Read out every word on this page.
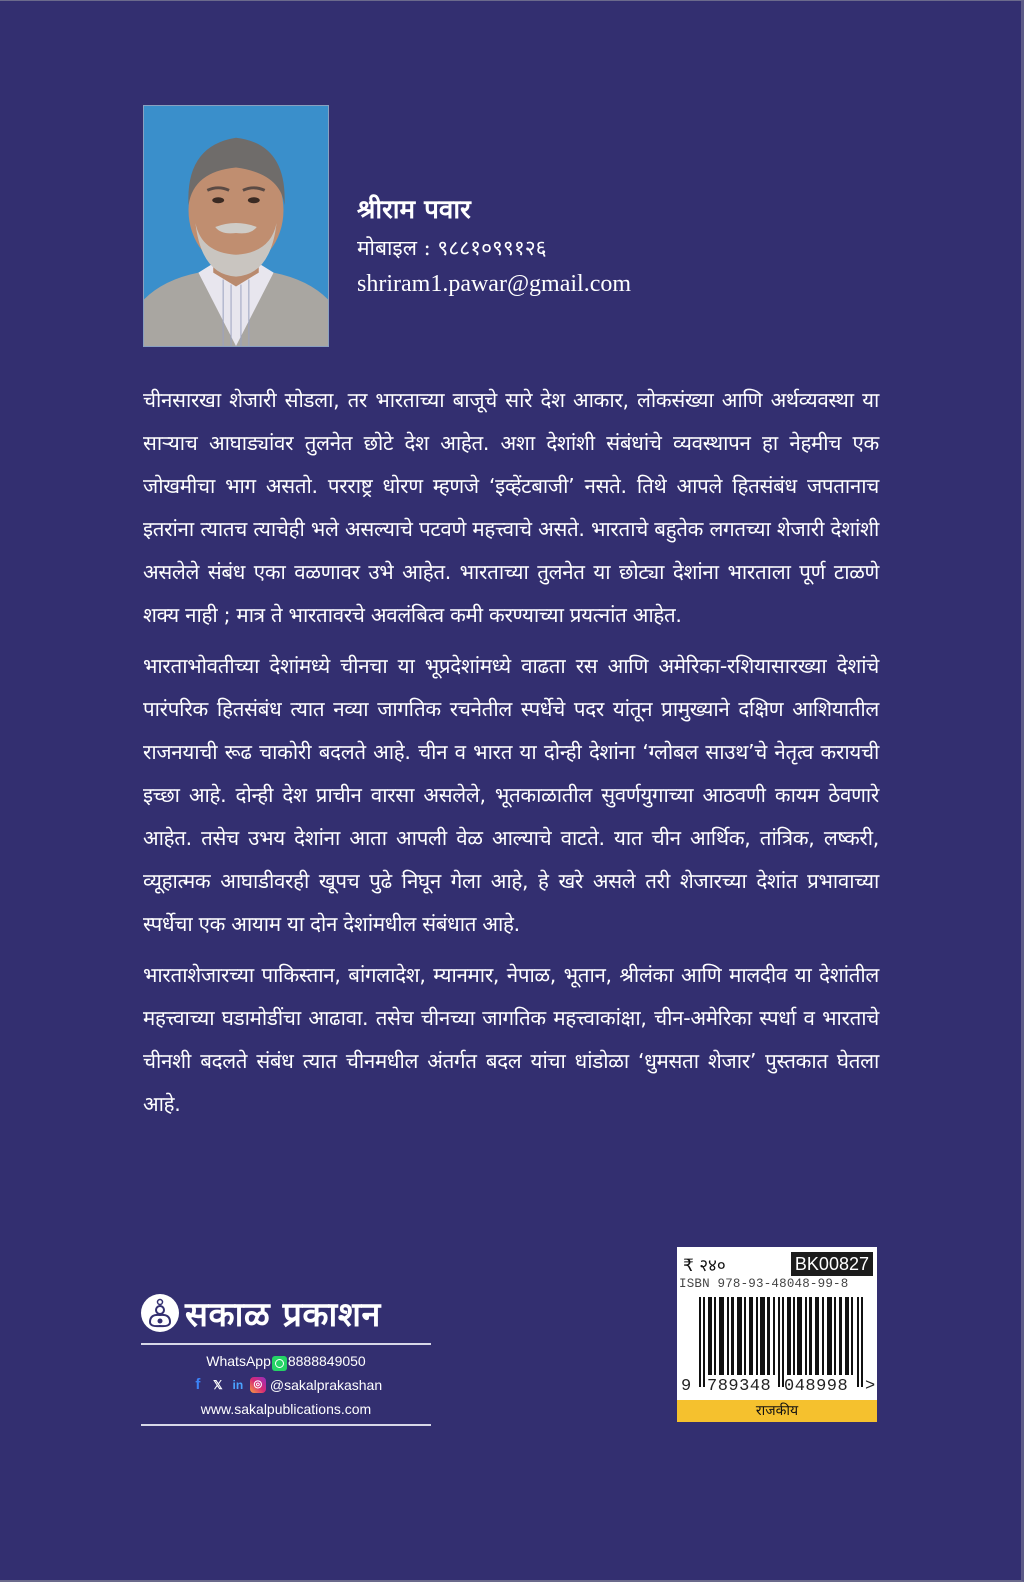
श्रीराम पवार
मोबाइल : ९८८१०९९१२६
shriram1.pawar@gmail.com

चीनसारखा शेजारी सोडला, तर भारताच्या बाजूचे सारे देश आकार, लोकसंख्या आणि अर्थव्यवस्था या साऱ्याच आघाड्यांवर तुलनेत छोटे देश आहेत. अशा देशांशी संबंधांचे व्यवस्थापन हा नेहमीच एक जोखमीचा भाग असतो. परराष्ट्र धोरण म्हणजे ‘इव्हेंटबाजी’ नसते. तिथे आपले हितसंबंध जपतानाच इतरांना त्यातच त्याचेही भले असल्याचे पटवणे महत्त्वाचे असते. भारताचे बहुतेक लगतच्या शेजारी देशांशी असलेले संबंध एका वळणावर उभे आहेत. भारताच्या तुलनेत या छोट्या देशांना भारताला पूर्ण टाळणे शक्य नाही ; मात्र ते भारतावरचे अवलंबित्व कमी करण्याच्या प्रयत्नांत आहेत.

भारताभोवतीच्या देशांमध्ये चीनचा या भूप्रदेशांमध्ये वाढता रस आणि अमेरिका-रशियासारख्या देशांचे पारंपरिक हितसंबंध त्यात नव्या जागतिक रचनेतील स्पर्धेचे पदर यांतून प्रामुख्याने दक्षिण आशियातील राजनयाची रूढ चाकोरी बदलते आहे. चीन व भारत या दोन्ही देशांना ‘ग्लोबल साउथ’चे नेतृत्व करायची इच्छा आहे. दोन्ही देश प्राचीन वारसा असलेले, भूतकाळातील सुवर्णयुगाच्या आठवणी कायम ठेवणारे आहेत. तसेच उभय देशांना आता आपली वेळ आल्याचे वाटते. यात चीन आर्थिक, तांत्रिक, लष्करी, व्यूहात्मक आघाडीवरही खूपच पुढे निघून गेला आहे, हे खरे असले तरी शेजारच्या देशांत प्रभावाच्या स्पर्धेचा एक आयाम या दोन देशांमधील संबंधात आहे.

भारताशेजारच्या पाकिस्तान, बांगलादेश, म्यानमार, नेपाळ, भूतान, श्रीलंका आणि मालदीव या देशांतील महत्त्वाच्या घडामोडींचा आढावा. तसेच चीनच्या जागतिक महत्त्वाकांक्षा, चीन-अमेरिका स्पर्धा व भारताचे चीनशी बदलते संबंध त्यात चीनमधील अंतर्गत बदल यांचा धांडोळा ‘धुमसता शेजार’ पुस्तकात घेतला आहे.

सकाळ प्रकाशन
WhatsApp 8888849050
f	𝕏 in	◎ @sakalprakashan
www.sakalpublications.com
₹ २४०	BK00827
ISBN 978-93-48048-99-8
9 789348 048998 >
राजकीय
